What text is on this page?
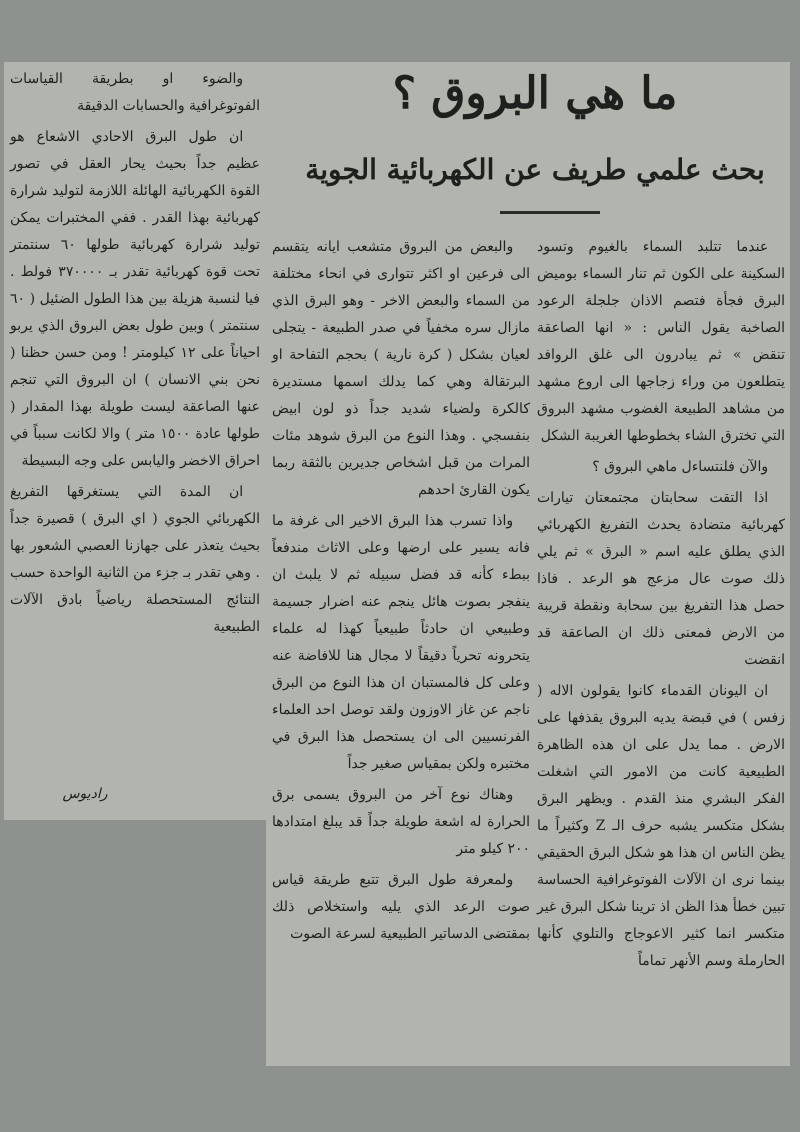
ما هي البروق ؟
بحث علمي طريف عن الكهربائية الجوية

عندما تتلبد السماء بالغيوم وتسود السكينة على الكون ثم تنار السماء بوميض البرق فجأة فتصم الاذان جلجلة الرعود الصاخبة يقول الناس : « انها الصاعقة تنقض » ثم يبادرون الى غلق الروافد يتطلعون من وراء زجاجها الى اروع مشهد من مشاهد الطبيعة الغضوب مشهد البروق التي تخترق الشاء بخطوطها الغريبة الشكل

والآن فلنتساءل ماهي البروق ؟

اذا التقت سحابتان مجتمعتان تيارات كهربائية متضادة يحدث التفريغ الكهربائي الذي يطلق عليه اسم « البرق » ثم يلي ذلك صوت عال مزعج هو الرعد . فاذا حصل هذا التفريغ بين سحابة ونقطة قريبة من الارض فمعنى ذلك ان الصاعقة قد انقضت

ان اليونان القدماء كانوا يقولون الاله ( زفس ) في قبضة يديه البروق يقذفها على الارض . مما يدل على ان هذه الظاهرة الطبيعية كانت من الامور التي اشغلت الفكر البشري منذ القدم . ويظهر البرق بشكل متكسر يشبه حرف الـ Z وكثيراً ما يظن الناس ان هذا هو شكل البرق الحقيقي بينما نرى ان الآلات الفوتوغرافية الحساسة تبين خطأ هذا الظن اذ ترينا شكل البرق غير متكسر انما كثير الاعوجاج والتلوي كأنها الحارملة وسم الأنهر تماماً

والبعض من البروق متشعب ايانه يتقسم الى فرعين او اكثر تتوارى في انحاء مختلفة من السماء والبعض الاخر - وهو البرق الذي مازال سره مخفياً في صدر الطبيعة - يتجلى لعيان بشكل ( كرة نارية ) بحجم التفاحة او البرتقالة وهي كما يدلك اسمها مستديرة كالكرة ولضياء شديد جداً ذو لون ابيض بنفسجي . وهذا النوع من البرق شوهد مئات المرات من قبل اشخاص جديرين بالثقة ربما يكون القارئ احدهم

واذا تسرب هذا البرق الاخير الى غرفة ما فانه يسير على ارضها وعلى الاثاث مندفعاً ببطء كأنه قد فضل سبيله ثم لا يلبث ان ينفجر بصوت هائل ينجم عنه اضرار جسيمة وطبيعي ان حادثاً طبيعياً كهذا له علماء يتحرونه تحرياً دقيقاً لا مجال هنا للافاضة عنه وعلى كل فالمستبان ان هذا النوع من البرق ناجم عن غاز الاوزون ولقد توصل احد العلماء الفرنسيين الى ان يستحصل هذا البرق في مختبره ولكن بمقياس صغير جداً

وهناك نوع آخر من البروق يسمى برق الحرارة له اشعة طويلة جداً قد يبلغ امتدادها ٢٠٠ كيلو متر

ولمعرفة طول البرق تتبع طريقة قياس صوت الرعد الذي يليه واستخلاص ذلك بمقتضى الدساتير الطبيعية لسرعة الصوت

والضوء او بطريقة القياسات الفوتوغرافية والحسابات الدقيقة

ان طول البرق الاحادي الاشعاع هو عظيم جداً بحيث يحار العقل في تصور القوة الكهربائية الهائلة اللازمة لتوليد شرارة كهربائية بهذا القدر . ففي المختبرات يمكن توليد شرارة كهربائية طولها ٦٠ سنتمتر تحت قوة كهربائية تقدر بـ ٣٧٠٠٠٠ فولط . فيا لنسبة هزيلة بين هذا الطول الضئيل ( ٦٠ سنتمتر ) وبين طول بعض البروق الذي يربو احياناً على ١٢ كيلومتر ! ومن حسن حظنا ( نحن بني الانسان ) ان البروق التي تنجم عنها الصاعقة ليست طويلة بهذا المقدار ( طولها عادة ١٥٠٠ متر ) والا لكانت سبباً في احراق الاخضر واليابس على وجه البسيطة

ان المدة التي يستغرقها التفريغ الكهربائي الجوي ( اي البرق ) قصيرة جداً بحيث يتعذر على جهازنا العصبي الشعور بها . وهي تقدر بـ جزء من الثانية الواحدة حسب النتائج المستحصلة رياضياً بادق الآلات الطبيعية

رادیوس
